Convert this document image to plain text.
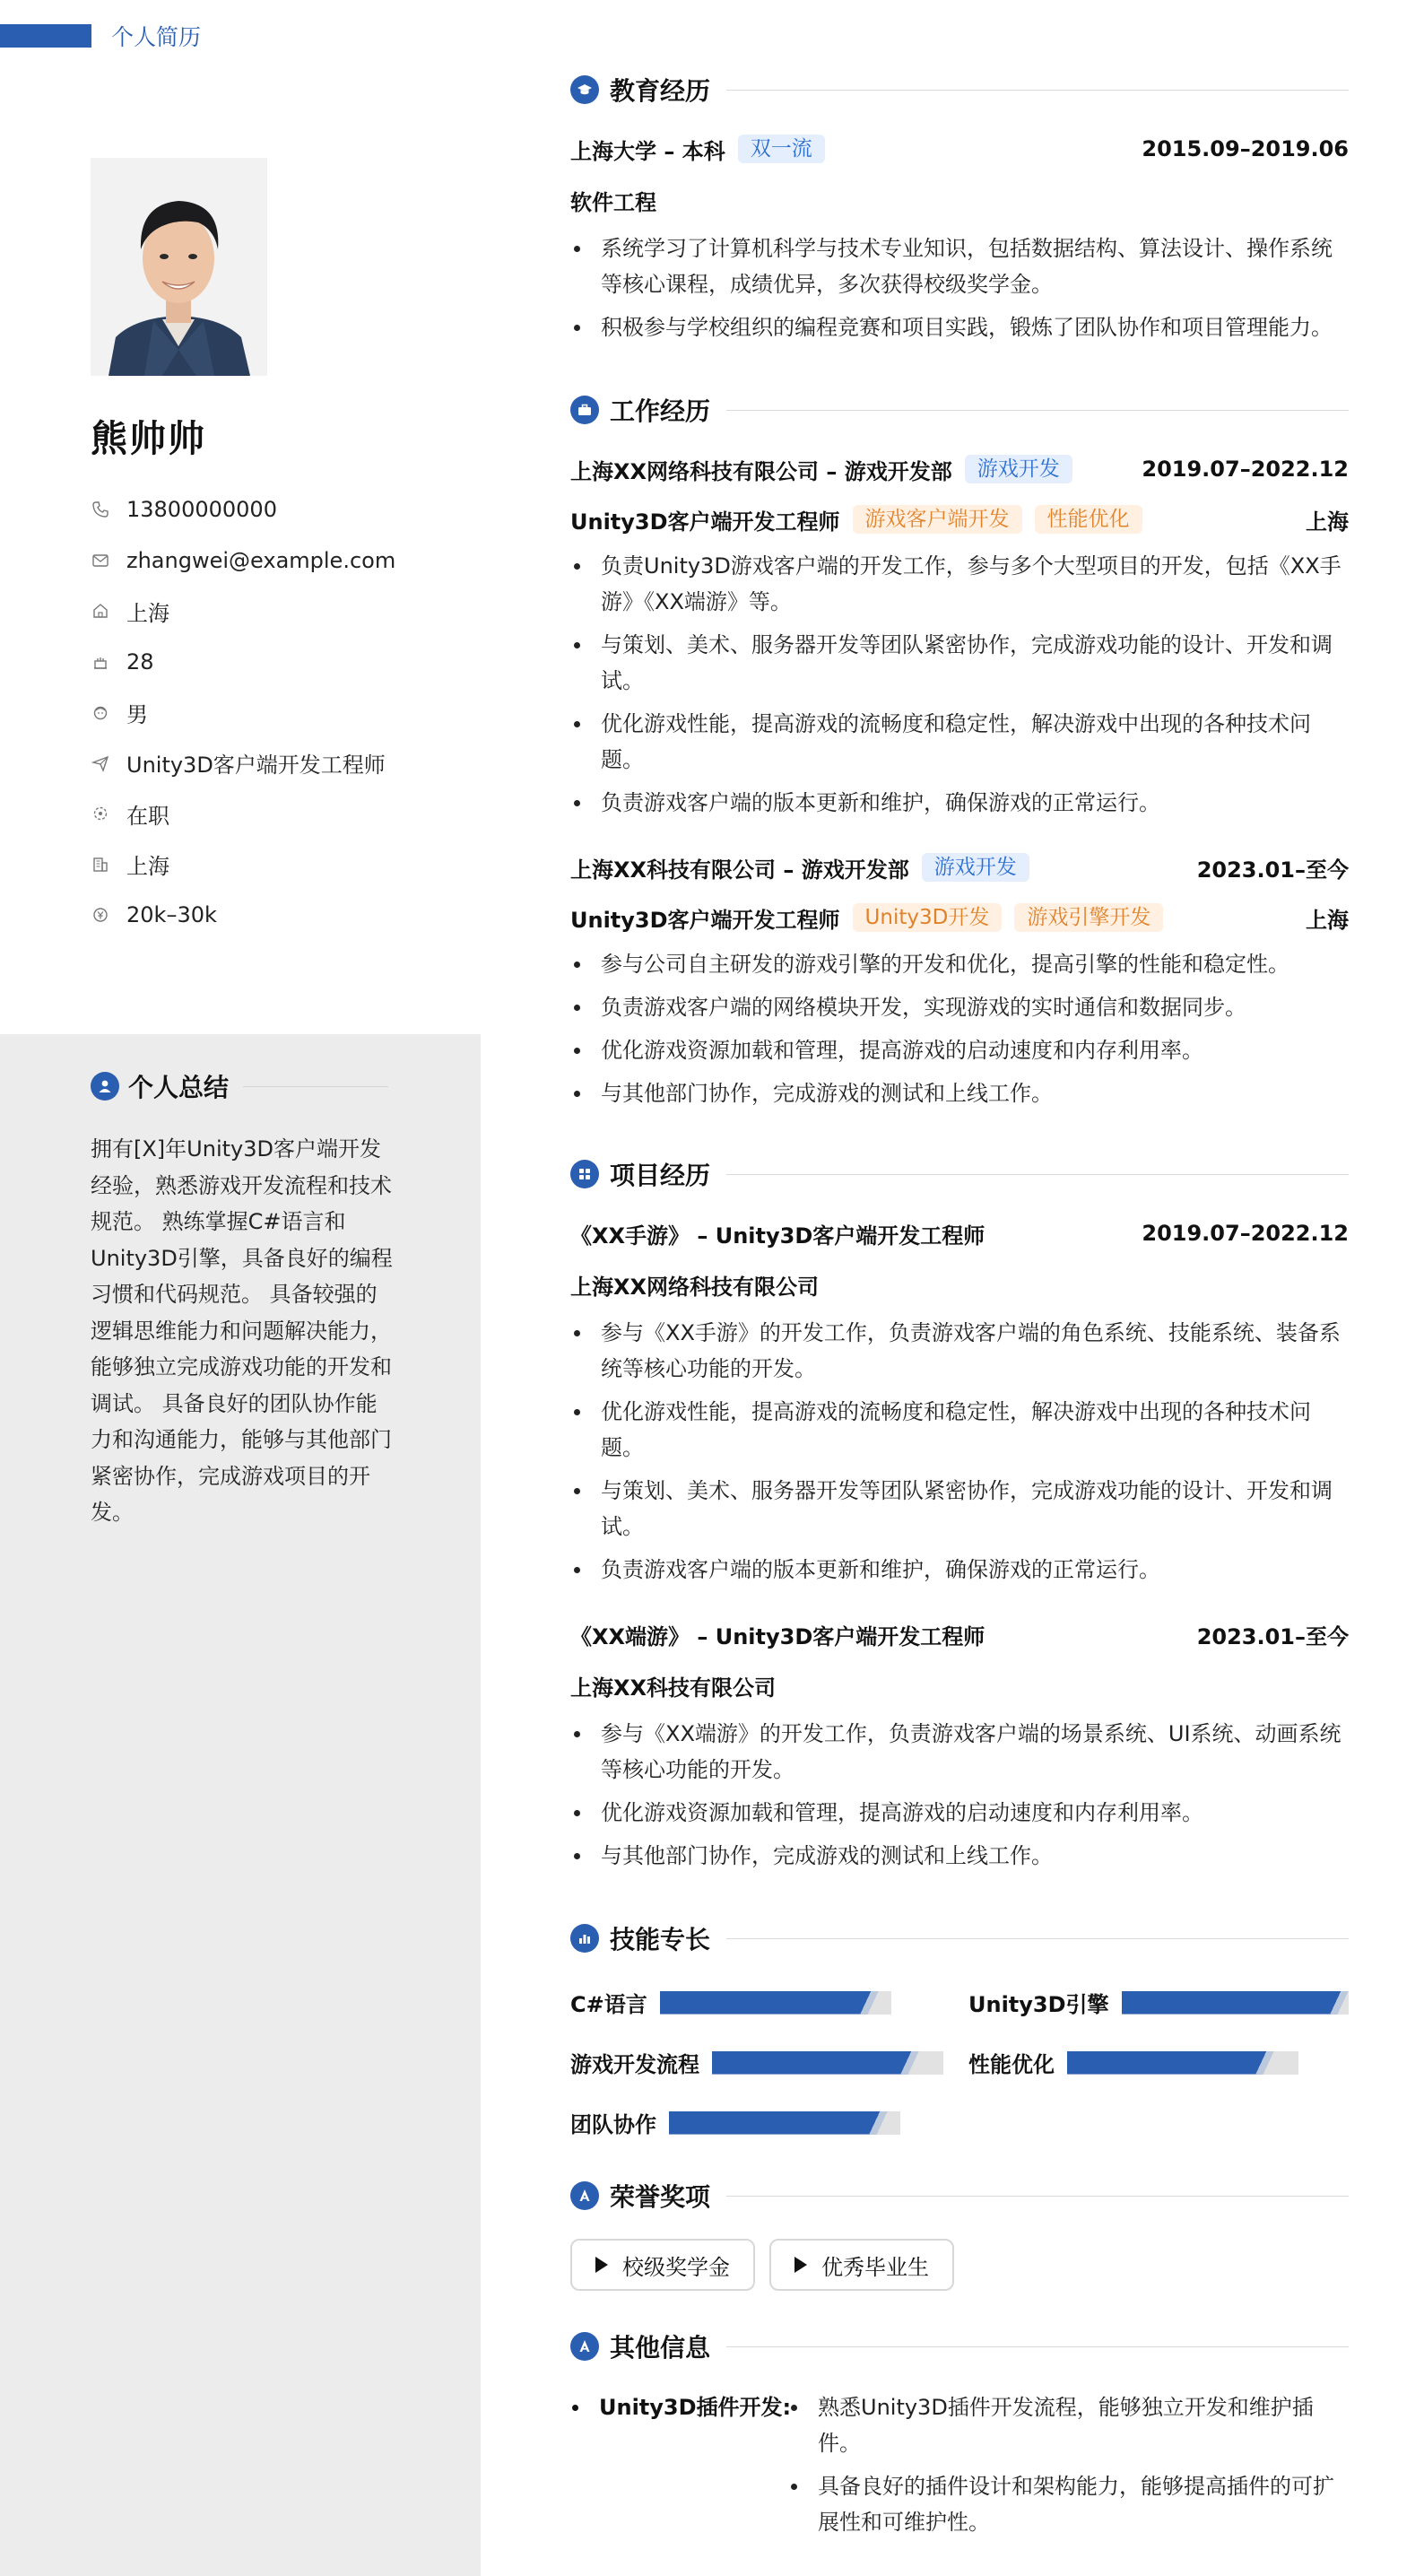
个人简历
熊帅帅
13800000000
zhangwei@example.com
上海
28
男
Unity3D客户端开发工程师
在职
上海
20k–30k
个人总结
拥有[X]年Unity3D客户端开发经验，熟悉游戏开发流程和技术规范。 熟练掌握C#语言和Unity3D引擎，具备良好的编程习惯和代码规范。 具备较强的逻辑思维能力和问题解决能力，能够独立完成游戏功能的开发和调试。 具备良好的团队协作能力和沟通能力，能够与其他部门紧密协作，完成游戏项目的开发。
教育经历
上海大学 – 本科	双一流	2015.09–2019.06
软件工程
系统学习了计算机科学与技术专业知识，包括数据结构、算法设计、操作系统等核心课程，成绩优异，多次获得校级奖学金。
积极参与学校组织的编程竞赛和项目实践，锻炼了团队协作和项目管理能力。
工作经历
上海XX网络科技有限公司 – 游戏开发部	游戏开发	2019.07–2022.12
Unity3D客户端开发工程师	游戏客户端开发	性能优化	上海
负责Unity3D游戏客户端的开发工作，参与多个大型项目的开发，包括《XX手游》《XX端游》等。
与策划、美术、服务器开发等团队紧密协作，完成游戏功能的设计、开发和调试。
优化游戏性能，提高游戏的流畅度和稳定性，解决游戏中出现的各种技术问题。
负责游戏客户端的版本更新和维护，确保游戏的正常运行。
上海XX科技有限公司 – 游戏开发部	游戏开发	2023.01–至今
Unity3D客户端开发工程师	Unity3D开发	游戏引擎开发	上海
参与公司自主研发的游戏引擎的开发和优化，提高引擎的性能和稳定性。
负责游戏客户端的网络模块开发，实现游戏的实时通信和数据同步。
优化游戏资源加载和管理，提高游戏的启动速度和内存利用率。
与其他部门协作，完成游戏的测试和上线工作。
项目经历
《XX手游》 – Unity3D客户端开发工程师	2019.07–2022.12
上海XX网络科技有限公司
参与《XX手游》的开发工作，负责游戏客户端的角色系统、技能系统、装备系统等核心功能的开发。
优化游戏性能，提高游戏的流畅度和稳定性，解决游戏中出现的各种技术问题。
与策划、美术、服务器开发等团队紧密协作，完成游戏功能的设计、开发和调试。
负责游戏客户端的版本更新和维护，确保游戏的正常运行。
《XX端游》 – Unity3D客户端开发工程师	2023.01–至今
上海XX科技有限公司
参与《XX端游》的开发工作，负责游戏客户端的场景系统、UI系统、动画系统等核心功能的开发。
优化游戏资源加载和管理，提高游戏的启动速度和内存利用率。
与其他部门协作，完成游戏的测试和上线工作。
技能专长
C#语言	Unity3D引擎
游戏开发流程	性能优化
团队协作
荣誉奖项
校级奖学金	优秀毕业生
其他信息
Unity3D插件开发:	熟悉Unity3D插件开发流程，能够独立开发和维护插件。
具备良好的插件设计和架构能力，能够提高插件的可扩展性和可维护性。
